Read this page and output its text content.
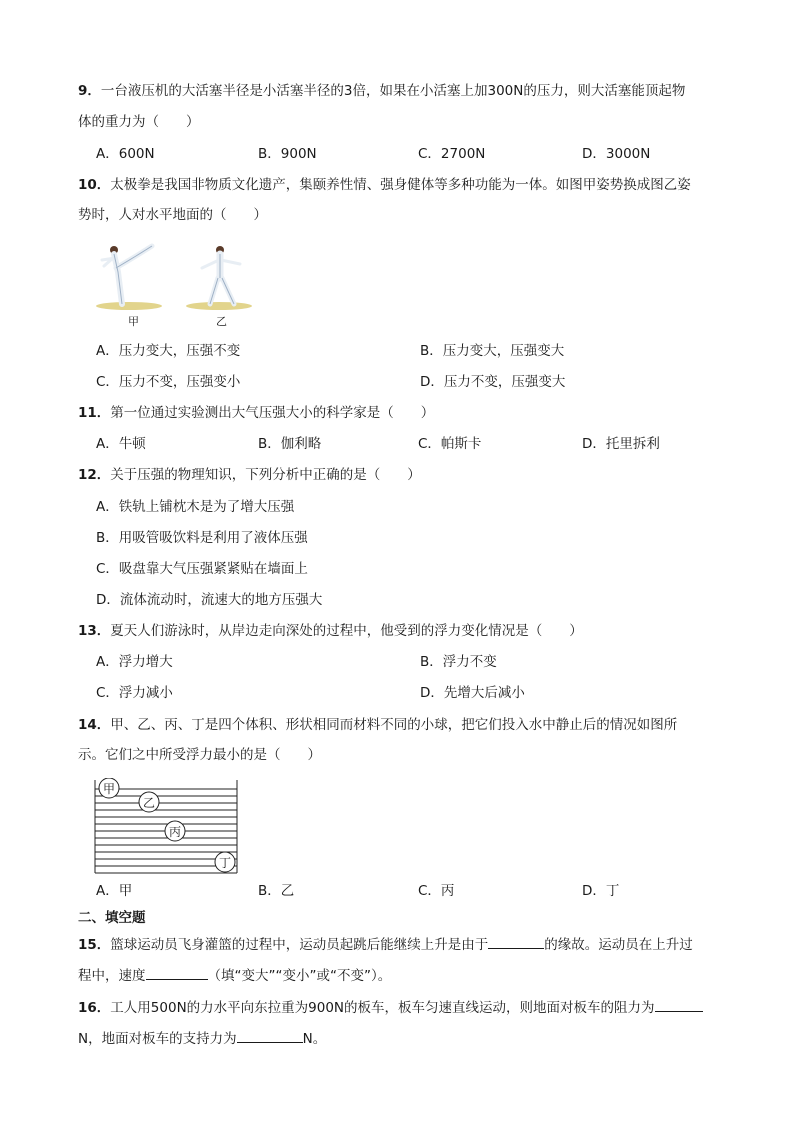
9．一台液压机的大活塞半径是小活塞半径的3倍，如果在小活塞上加300N的压力，则大活塞能顶起物
体的重力为（　　）
A．600N	B．900N	C．2700N	D．3000N
10．太极拳是我国非物质文化遗产，集颐养性情、强身健体等多种功能为一体。如图甲姿势换成图乙姿
势时，人对水平地面的（　　）
甲	乙
A．压力变大，压强不变	B．压力变大，压强变大
C．压力不变，压强变小	D．压力不变，压强变大
11．第一位通过实验测出大气压强大小的科学家是（　　）
A．牛顿	B．伽利略	C．帕斯卡	D．托里拆利
12．关于压强的物理知识，下列分析中正确的是（　　）
A．铁轨上铺枕木是为了增大压强
B．用吸管吸饮料是利用了液体压强
C．吸盘靠大气压强紧紧贴在墙面上
D．流体流动时，流速大的地方压强大
13．夏天人们游泳时，从岸边走向深处的过程中，他受到的浮力变化情况是（　　）
A．浮力增大	B．浮力不变
C．浮力减小	D．先增大后减小
14．甲、乙、丙、丁是四个体积、形状相同而材料不同的小球，把它们投入水中静止后的情况如图所
示。它们之中所受浮力最小的是（　　）
甲
乙
丙
丁
A．甲	B．乙	C．丙	D．丁
二、填空题
15．篮球运动员飞身灌篮的过程中，运动员起跳后能继续上升是由于	的缘故。运动员在上升过
程中，速度	（填“变大”“变小”或“不变”）。
16．工人用500N的力水平向东拉重为900N的板车，板车匀速直线运动，则地面对板车的阻力为
N，地面对板车的支持力为	N。
